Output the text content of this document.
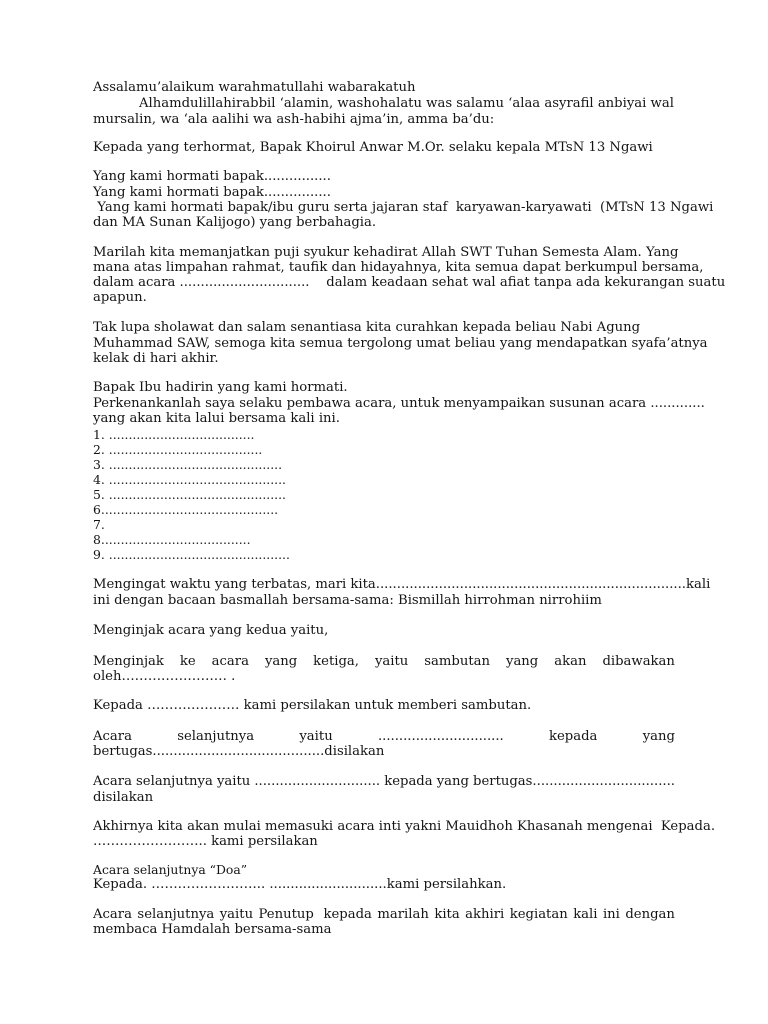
Assalamu’alaikum warahmatullahi wabarakatuh
Alhamdulillahirabbil ‘alamin, washohalatu was salamu ‘alaa asyrafil anbiyai wal
mursalin, wa ‘ala aalihi wa ash-habihi ajma’in, amma ba’du:
Kepada yang terhormat, Bapak Khoirul Anwar M.Or. selaku kepala MTsN 13 Ngawi
Yang kami hormati bapak................
Yang kami hormati bapak................
Yang kami hormati bapak/ibu guru serta jajaran staf  karyawan-karyawati  (MTsN 13 Ngawi
dan MA Sunan Kalijogo) yang berbahagia.
Marilah kita memanjatkan puji syukur kehadirat Allah SWT Tuhan Semesta Alam. Yang
mana atas limpahan rahmat, taufik dan hidayahnya, kita semua dapat berkumpul bersama,
dalam acara ...............................    dalam keadaan sehat wal afiat tanpa ada kekurangan suatu
apapun.
Tak lupa sholawat dan salam senantiasa kita curahkan kepada beliau Nabi Agung
Muhammad SAW, semoga kita semua tergolong umat beliau yang mendapatkan syafa’atnya
kelak di hari akhir.
Bapak Ibu hadirin yang kami hormati.
Perkenankanlah saya selaku pembawa acara, untuk menyampaikan susunan acara .............
yang akan kita lalui bersama kali ini.
1. .....................................
2. .......................................
3. ............................................
4. .............................................
5. .............................................
6.............................................
7.
8......................................
9. ..............................................
Mengingat waktu yang terbatas, mari kita..........................................................................kali
ini dengan bacaan basmallah bersama-sama: Bismillah hirrohman nirrohiim
Menginjak acara yang kedua yaitu,
Menginjak ke acara yang ketiga, yaitu sambutan yang akan dibawakan
oleh…………………… .
Kepada ………………… kami persilakan untuk memberi sambutan.
Acara	selanjutnya	yaitu	..............................	kepada	yang
bertugas.........................................disilakan
Acara selanjutnya yaitu .............................. kepada yang bertugas..................................
disilakan
Akhirnya kita akan mulai memasuki acara inti yakni Mauidhoh Khasanah mengenai  Kepada.
…………………….. kami persilakan
Acara selanjutnya “Doa”
Kepada. …………………….. ............................kami persilahkan.
Acara selanjutnya yaitu Penutup kepada marilah kita akhiri kegiatan kali ini dengan
membaca Hamdalah bersama-sama
